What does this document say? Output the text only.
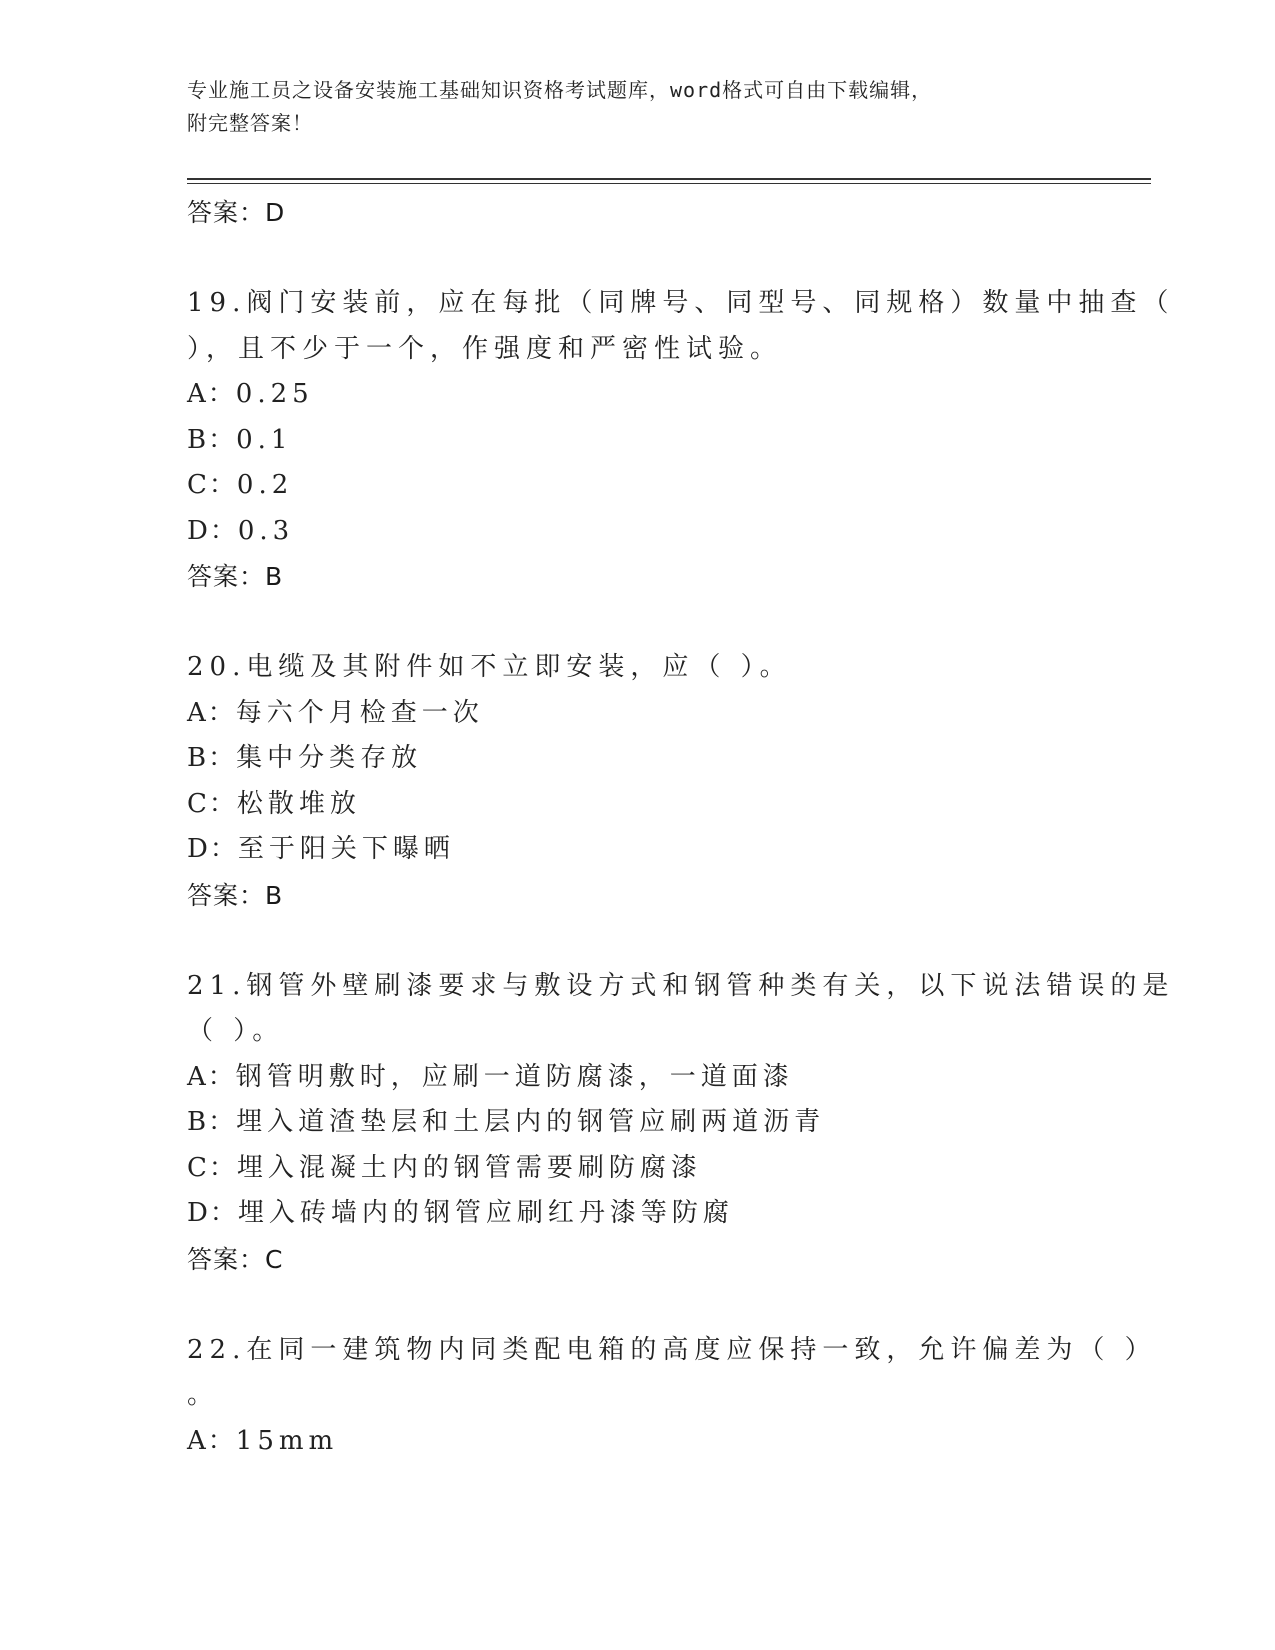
专业施工员之设备安装施工基础知识资格考试题库，word格式可自由下载编辑，
附完整答案！
答案：D
19.阀门安装前，应在每批（同牌号、同型号、同规格）数量中抽查（
），且不少于一个，作强度和严密性试验。
A：0.25
B：0.1
C：0.2
D：0.3
答案：B
20.电缆及其附件如不立即安装，应（ ）。
A：每六个月检查一次
B：集中分类存放
C：松散堆放
D：至于阳关下曝晒
答案：B
21.钢管外壁刷漆要求与敷设方式和钢管种类有关，以下说法错误的是
（ ）。
A：钢管明敷时，应刷一道防腐漆，一道面漆
B：埋入道渣垫层和土层内的钢管应刷两道沥青
C：埋入混凝土内的钢管需要刷防腐漆
D：埋入砖墙内的钢管应刷红丹漆等防腐
答案：C
22.在同一建筑物内同类配电箱的高度应保持一致，允许偏差为（ ）
。
A：15mm
